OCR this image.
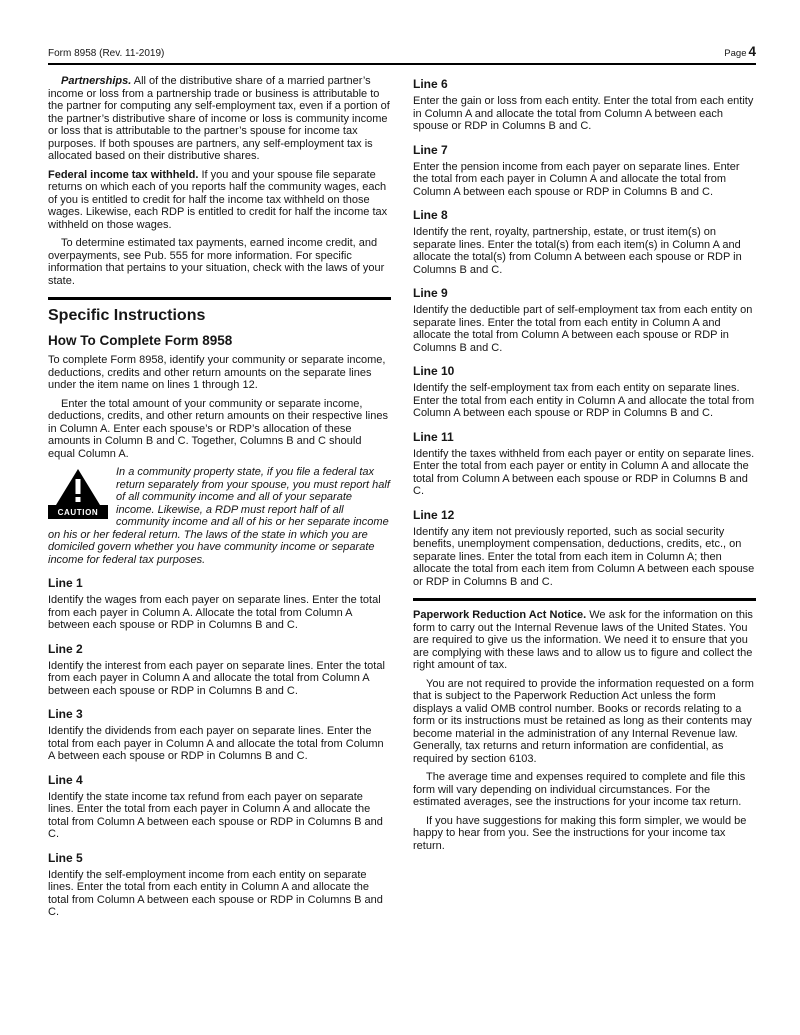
Form 8958 (Rev. 11-2019)	Page 4

Partnerships. All of the distributive share of a married partner’s income or loss from a partnership trade or business is attributable to the partner for computing any self-employment tax, even if a portion of the partner’s distributive share of income or loss is community income or loss that is attributable to the partner’s spouse for income tax purposes. If both spouses are partners, any self-employment tax is allocated based on their distributive shares.

Federal income tax withheld. If you and your spouse file separate returns on which each of you reports half the community wages, each of you is entitled to credit for half the income tax withheld on those wages. Likewise, each RDP is entitled to credit for half the income tax withheld on those wages.

To determine estimated tax payments, earned income credit, and overpayments, see Pub. 555 for more information. For specific information that pertains to your situation, check with the laws of your state.

Specific Instructions
How To Complete Form 8958

To complete Form 8958, identify your community or separate income, deductions, credits and other return amounts on the separate lines under the item name on lines 1 through 12.

Enter the total amount of your community or separate income, deductions, credits, and other return amounts on their respective lines in Column A. Enter each spouse’s or RDP’s allocation of these amounts in Column B and C. Together, Columns B and C should equal Column A.

CAUTION

In a community property state, if you file a federal tax return separately from your spouse, you must report half of all community income and all of your separate income. Likewise, a RDP must report half of all community income and all of his or her separate income on his or her federal return. The laws of the state in which you are domiciled govern whether you have community income or separate income for federal tax purposes.

Line 1

Identify the wages from each payer on separate lines. Enter the total from each payer in Column A. Allocate the total from Column A between each spouse or RDP in Columns B and C.

Line 2

Identify the interest from each payer on separate lines. Enter the total from each payer in Column A and allocate the total from Column A between each spouse or RDP in Columns B and C.

Line 3

Identify the dividends from each payer on separate lines. Enter the total from each payer in Column A and allocate the total from Column A between each spouse or RDP in Columns B and C.

Line 4

Identify the state income tax refund from each payer on separate lines. Enter the total from each payer in Column A and allocate the total from Column A between each spouse or RDP in Columns B and C.

Line 5

Identify the self-employment income from each entity on separate lines. Enter the total from each entity in Column A and allocate the total from Column A between each spouse or RDP in Columns B and C.

Line 6

Enter the gain or loss from each entity. Enter the total from each entity in Column A and allocate the total from Column A between each spouse or RDP in Columns B and C.

Line 7

Enter the pension income from each payer on separate lines. Enter the total from each payer in Column A and allocate the total from Column A between each spouse or RDP in Columns B and C.

Line 8

Identify the rent, royalty, partnership, estate, or trust item(s) on separate lines. Enter the total(s) from each item(s) in Column A and allocate the total(s) from Column A between each spouse or RDP in Columns B and C.

Line 9

Identify the deductible part of self-employment tax from each entity on separate lines. Enter the total from each entity in Column A and allocate the total from Column A between each spouse or RDP in Columns B and C.

Line 10

Identify the self-employment tax from each entity on separate lines. Enter the total from each entity in Column A and allocate the total from Column A between each spouse or RDP in Columns B and C.

Line 11

Identify the taxes withheld from each payer or entity on separate lines. Enter the total from each payer or entity in Column A and allocate the total from Column A between each spouse or RDP in Columns B and C.

Line 12

Identify any item not previously reported, such as social security benefits, unemployment compensation, deductions, credits, etc., on separate lines. Enter the total from each item in Column A; then allocate the total from each item from Column A between each spouse or RDP in Columns B and C.

Paperwork Reduction Act Notice. We ask for the information on this form to carry out the Internal Revenue laws of the United States. You are required to give us the information. We need it to ensure that you are complying with these laws and to allow us to figure and collect the right amount of tax.

You are not required to provide the information requested on a form that is subject to the Paperwork Reduction Act unless the form displays a valid OMB control number. Books or records relating to a form or its instructions must be retained as long as their contents may become material in the administration of any Internal Revenue law. Generally, tax returns and return information are confidential, as required by section 6103.

The average time and expenses required to complete and file this form will vary depending on individual circumstances. For the estimated averages, see the instructions for your income tax return.

If you have suggestions for making this form simpler, we would be happy to hear from you. See the instructions for your income tax return.
